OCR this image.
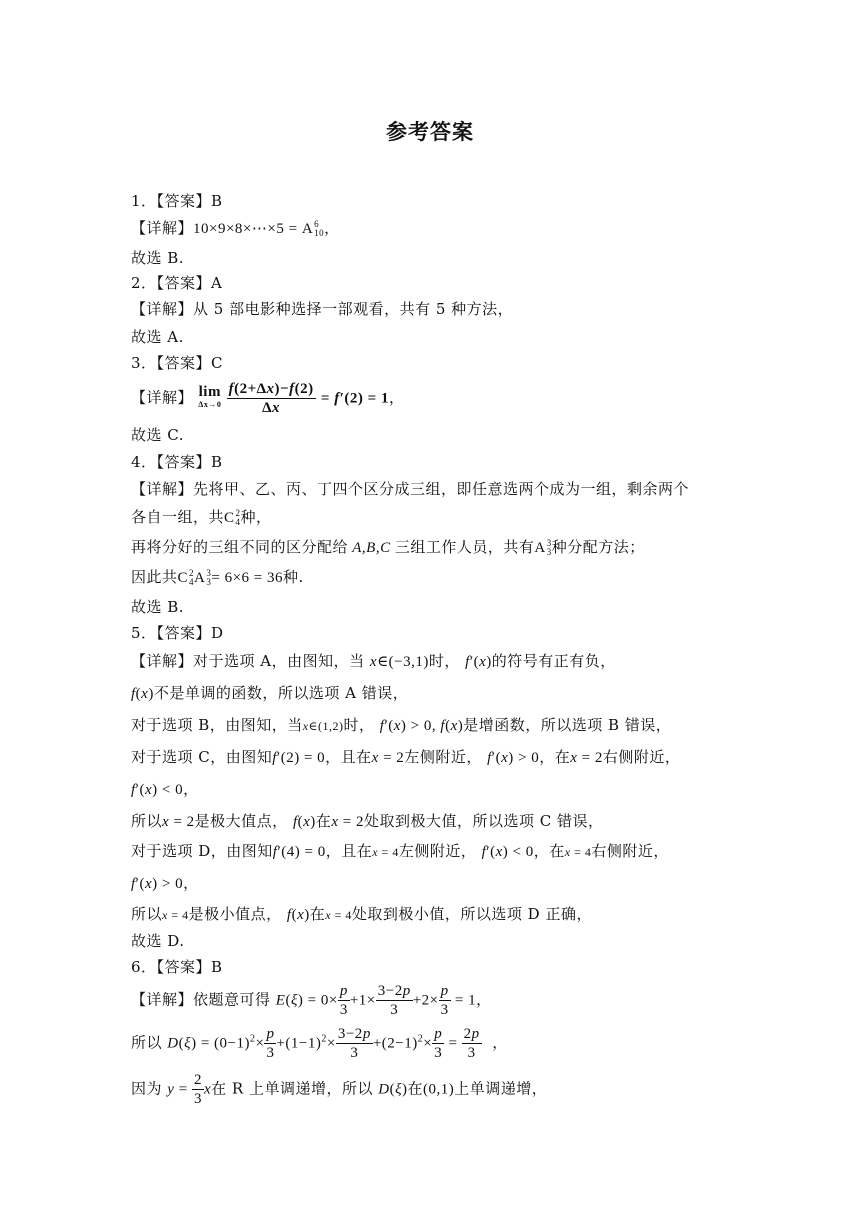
参考答案
1．【答案】B
【详解】10×9×8×⋯×5 = A6
10，
故选 B.
2．【答案】A
【详解】从 5 部电影种选择一部观看，共有 5 种方法，
故选 A.
3．【答案】C
【详解】 lim
$\Delta x\to 0 \frac{f(2+\Delta x)-f(2)}{\Delta x} = f'(2) = 1$，
故选 C.
4．【答案】B
【详解】先将甲、乙、丙、丁四个区分成三组，即任意选两个成为一组，剩余两个
各自一组，共C2
4种，
再将分好的三组不同的区分配给 A,B,C 三组工作人员，共有A3
3种分配方法；
因此共C2
4A3
3= 6×6 = 36种.
故选 B.
5．【答案】D
【详解】对于选项 A，由图知，当 x∈(−3,1)时， f′(x)的符号有正有负，
f(x)不是单调的函数，所以选项 A 错误，
对于选项 B，由图知，当x∈(1,2)时， f′(x) > 0, f(x)是增函数，所以选项 B 错误，
对于选项 C，由图知f′(2) = 0，且在x = 2左侧附近， f′(x) > 0，在x = 2右侧附近，
f′(x) < 0，
所以x = 2是极大值点， f(x)在x = 2处取到极大值，所以选项 C 错误，
对于选项 D，由图知f′(4) = 0，且在x = 4左侧附近， f′(x) < 0，在x = 4右侧附近，
f′(x) > 0，
所以x = 4是极小值点， f(x)在x = 4处取到极小值，所以选项 D 正确，
故选 D.
6．【答案】B
【详解】依题意可得 $E(\xi) = 0\times \frac{p}{3} +1\times \frac{3-2p}{3} +2\times \frac{p}{3} = 1$，
所以 $D(\xi) = (0-1)^2\times \frac{p}{3} +(1-1)^2\times \frac{3-2p}{3} +(2-1)^2\times \frac{p}{3} = \frac{2p}{3}$ ，
因为 $y = \frac{2}{3}$ x在 R 上单调递增，所以 D(ξ)在(0,1)上单调递增，
